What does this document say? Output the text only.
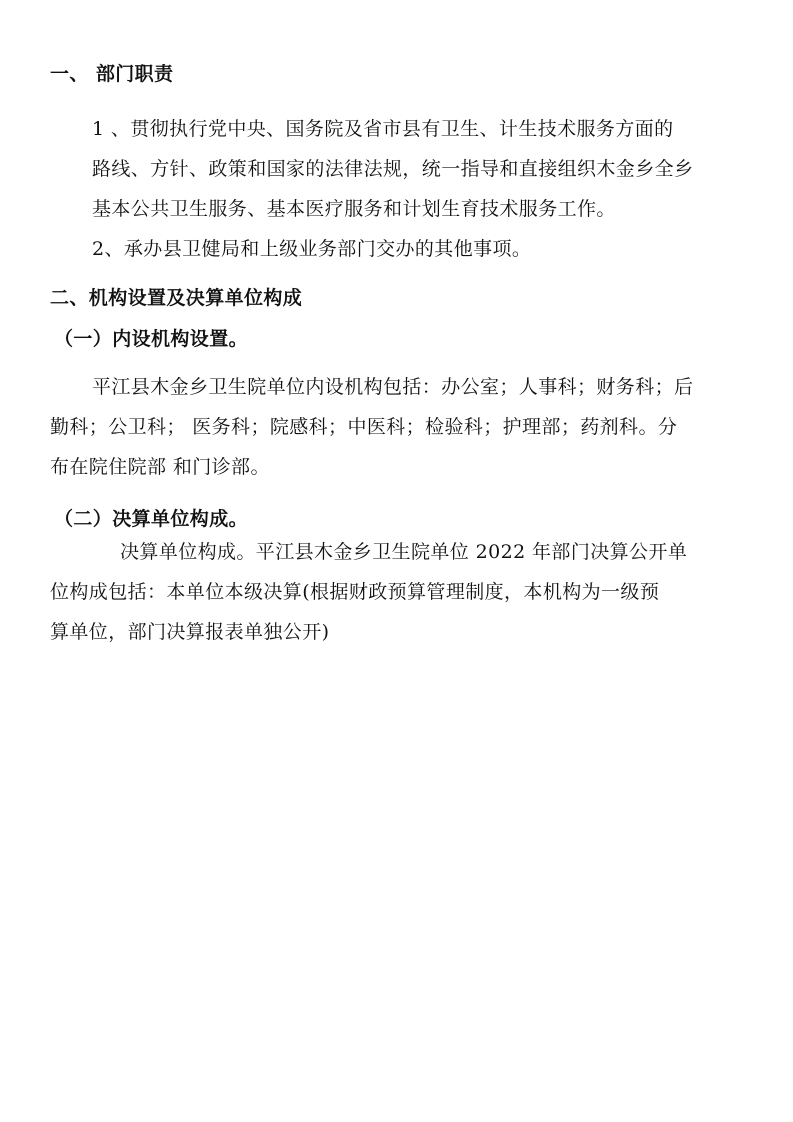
一、 部门职责
1 、贯彻执行党中央、国务院及省市县有卫生、计生技术服务方面的
路线、方针、政策和国家的法律法规，统一指导和直接组织木金乡全乡
基本公共卫生服务、基本医疗服务和计划生育技术服务工作。
2、承办县卫健局和上级业务部门交办的其他事项。
二、机构设置及决算单位构成
（一）内设机构设置。
平江县木金乡卫生院单位内设机构包括：办公室；人事科；财务科；后
勤科；公卫科； 医务科；院感科；中医科；检验科；护理部；药剂科。分
布在院住院部 和门诊部。
（二）决算单位构成。
决算单位构成。平江县木金乡卫生院单位 2022 年部门决算公开单
位构成包括：本单位本级决算(根据财政预算管理制度，本机构为一级预
算单位，部门决算报表单独公开)
